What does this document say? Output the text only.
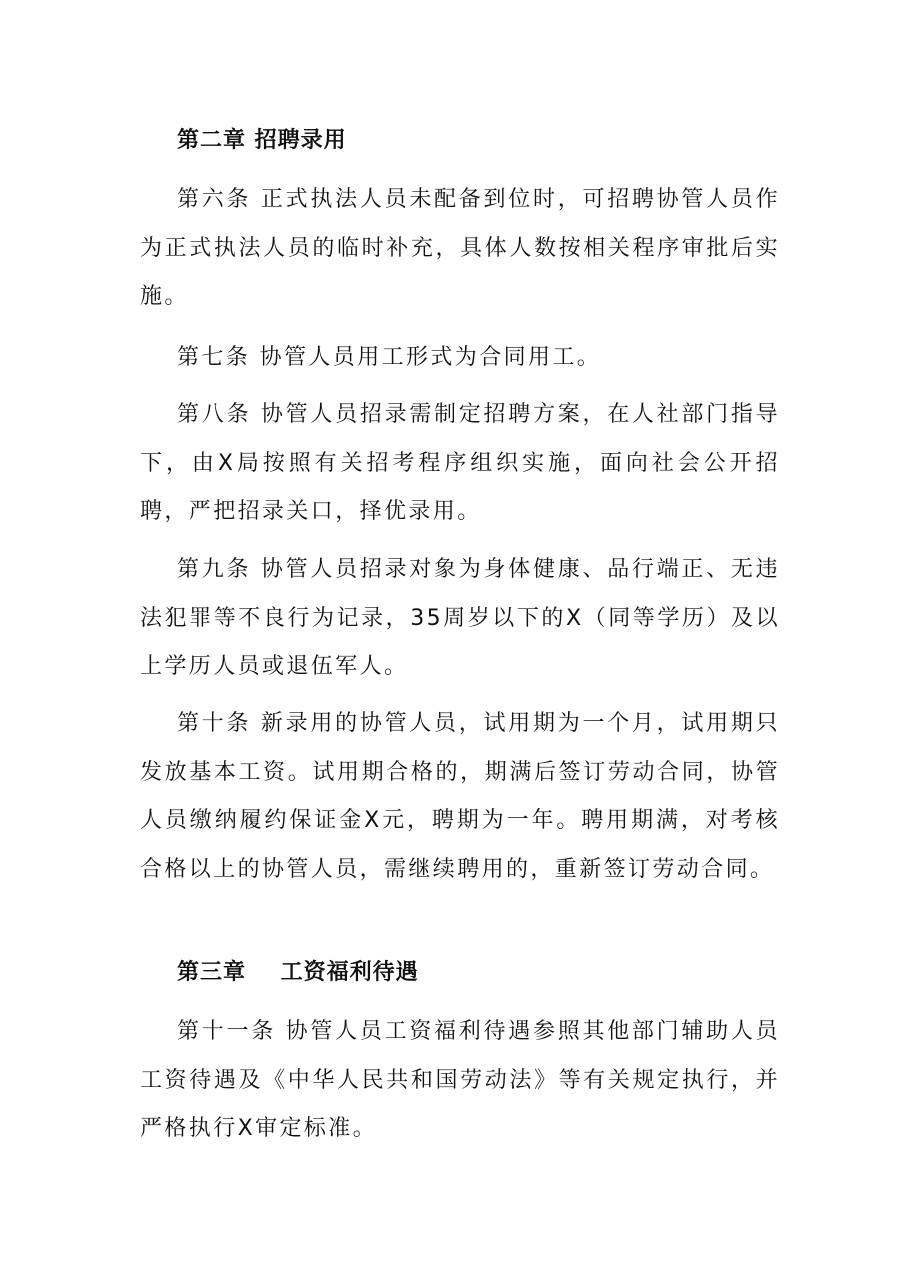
第二章 招聘录用

第六条 正式执法人员未配备到位时，可招聘协管人员作为正式执法人员的临时补充，具体人数按相关程序审批后实施。

第七条 协管人员用工形式为合同用工。

第八条 协管人员招录需制定招聘方案，在人社部门指导下，由X局按照有关招考程序组织实施，面向社会公开招聘，严把招录关口，择优录用。

第九条 协管人员招录对象为身体健康、品行端正、无违法犯罪等不良行为记录，35周岁以下的X（同等学历）及以上学历人员或退伍军人。

第十条 新录用的协管人员，试用期为一个月，试用期只发放基本工资。试用期合格的，期满后签订劳动合同，协管人员缴纳履约保证金X元，聘期为一年。聘用期满，对考核合格以上的协管人员，需继续聘用的，重新签订劳动合同。

第三章    工资福利待遇

第十一条 协管人员工资福利待遇参照其他部门辅助人员工资待遇及《中华人民共和国劳动法》等有关规定执行，并严格执行X审定标准。
